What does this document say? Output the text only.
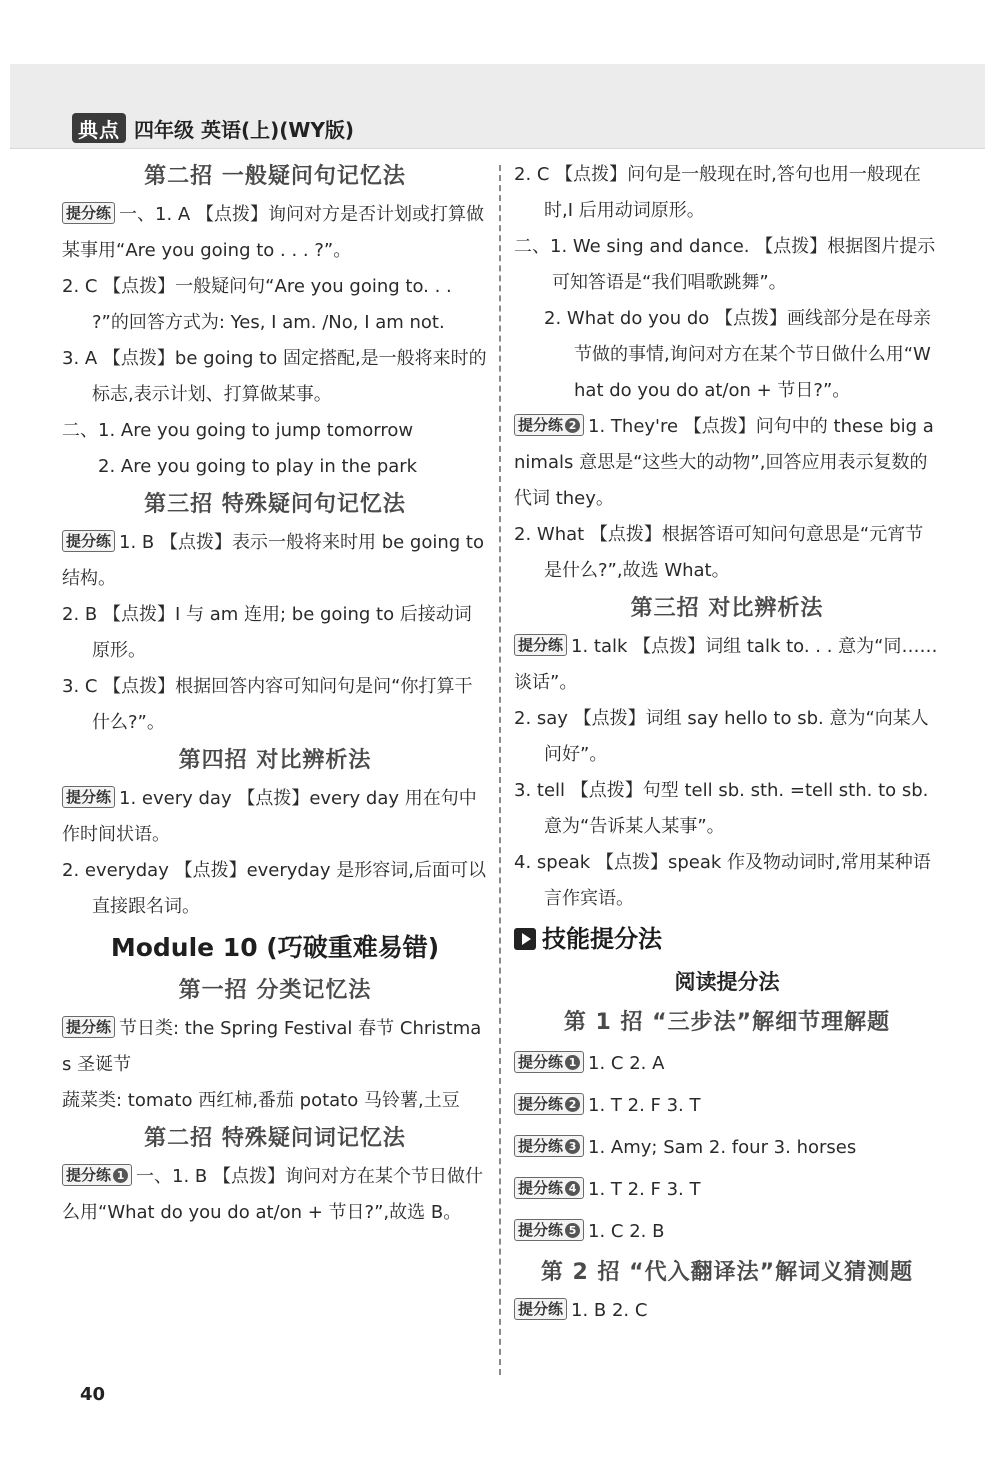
典点 四年级 英语(上)(WY版)
第二招 一般疑问句记忆法
提分练 一、1. A 【点拨】询问对方是否计划或打算做某事用“Are you going to . . . ?”。
2. C 【点拨】一般疑问句“Are you going to. . . ?”的回答方式为: Yes, I am. /No, I am not.
3. A 【点拨】be going to 固定搭配,是一般将来时的标志,表示计划、打算做某事。
二、1. Are you going to jump tomorrow
2. Are you going to play in the park
第三招 特殊疑问句记忆法
提分练 1. B 【点拨】表示一般将来时用 be going to 结构。
2. B 【点拨】I 与 am 连用; be going to 后接动词原形。
3. C 【点拨】根据回答内容可知问句是问“你打算干什么?”。
第四招 对比辨析法
提分练 1. every day 【点拨】every day 用在句中作时间状语。
2. everyday 【点拨】everyday 是形容词,后面可以直接跟名词。
Module 10 (巧破重难易错)
第一招 分类记忆法
提分练 节日类: the Spring Festival 春节 Christmas 圣诞节
蔬菜类: tomato 西红柿,番茄 potato 马铃薯,土豆
第二招 特殊疑问词记忆法
提分练 1 一、1. B 【点拨】询问对方在某个节日做什么用“What do you do at/on + 节日?”,故选 B。
2. C 【点拨】问句是一般现在时,答句也用一般现在时,I 后用动词原形。
二、1. We sing and dance. 【点拨】根据图片提示可知答语是“我们唱歌跳舞”。
2. What do you do 【点拨】画线部分是在母亲节做的事情,询问对方在某个节日做什么用“What do you do at/on + 节日?”。
提分练 2 1. They're 【点拨】问句中的 these big animals 意思是“这些大的动物”,回答应用表示复数的代词 they。
2. What 【点拨】根据答语可知问句意思是“元宵节是什么?”,故选 What。
第三招 对比辨析法
提分练 1. talk 【点拨】词组 talk to. . . 意为“同……谈话”。
2. say 【点拨】词组 say hello to sb. 意为“向某人问好”。
3. tell 【点拨】句型 tell sb. sth. =tell sth. to sb. 意为“告诉某人某事”。
4. speak 【点拨】speak 作及物动词时,常用某种语言作宾语。
技能提分法
阅读提分法
第 1 招 “三步法”解细节理解题
提分练 1 1. C 2. A
提分练 2 1. T 2. F 3. T
提分练 3 1. Amy; Sam 2. four 3. horses
提分练 4 1. T 2. F 3. T
提分练 5 1. C 2. B
第 2 招 “代入翻译法”解词义猜测题
提分练 1. B 2. C
40
